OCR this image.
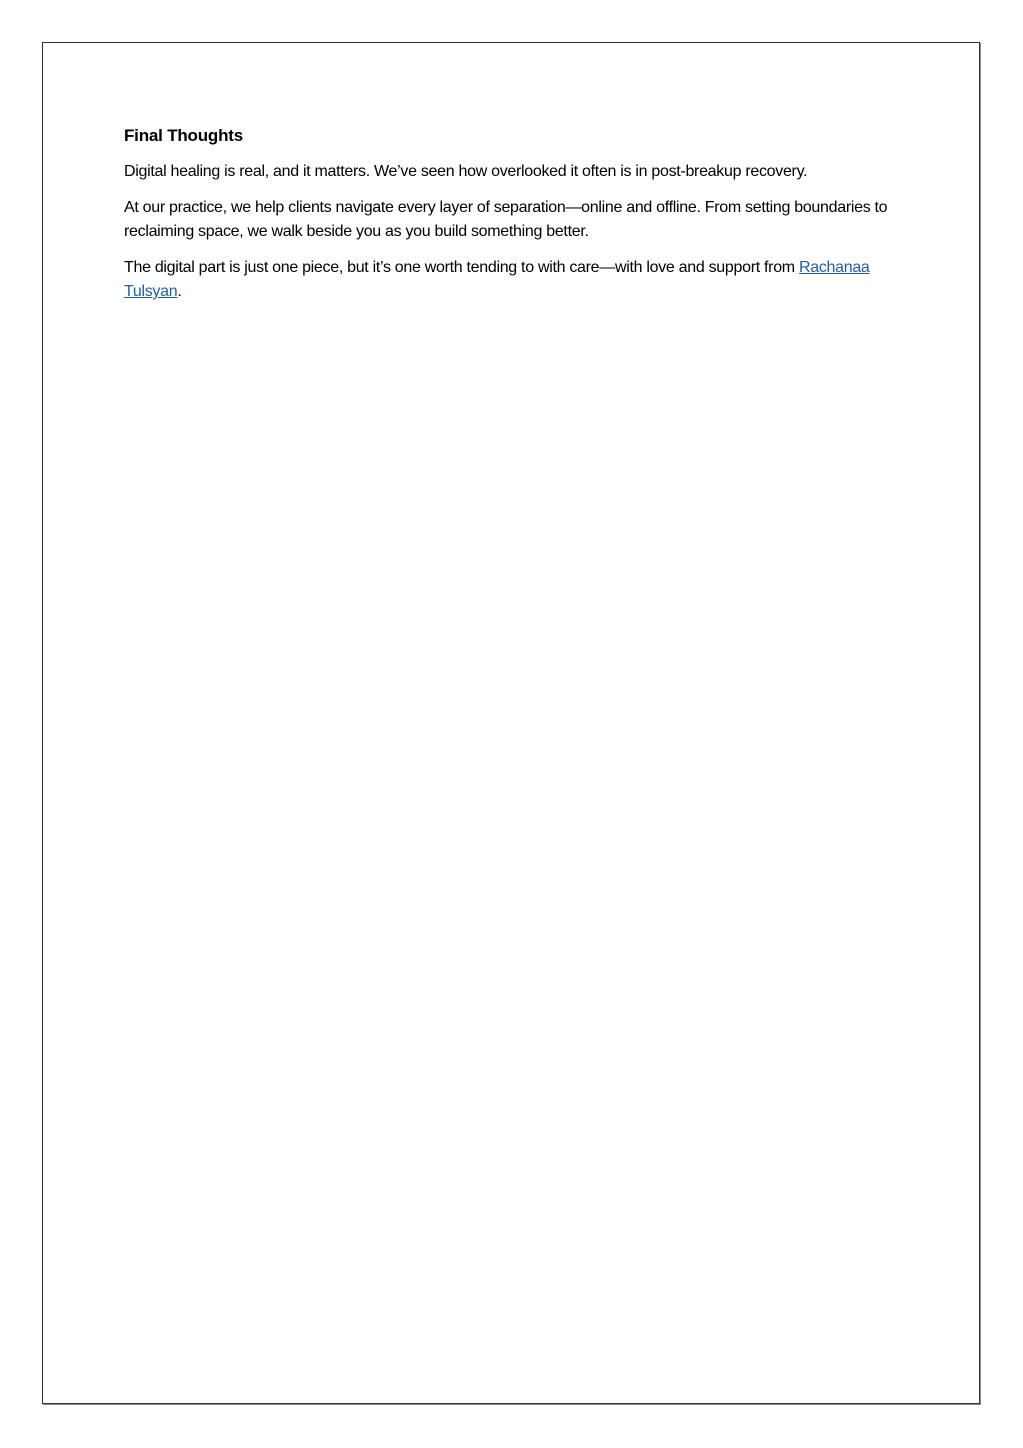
Final Thoughts

Digital healing is real, and it matters. We’ve seen how overlooked it often is in post-breakup recovery.

At our practice, we help clients navigate every layer of separation—online and offline. From setting boundaries to reclaiming space, we walk beside you as you build something better.

The digital part is just one piece, but it’s one worth tending to with care—with love and support from Rachanaa Tulsyan.
